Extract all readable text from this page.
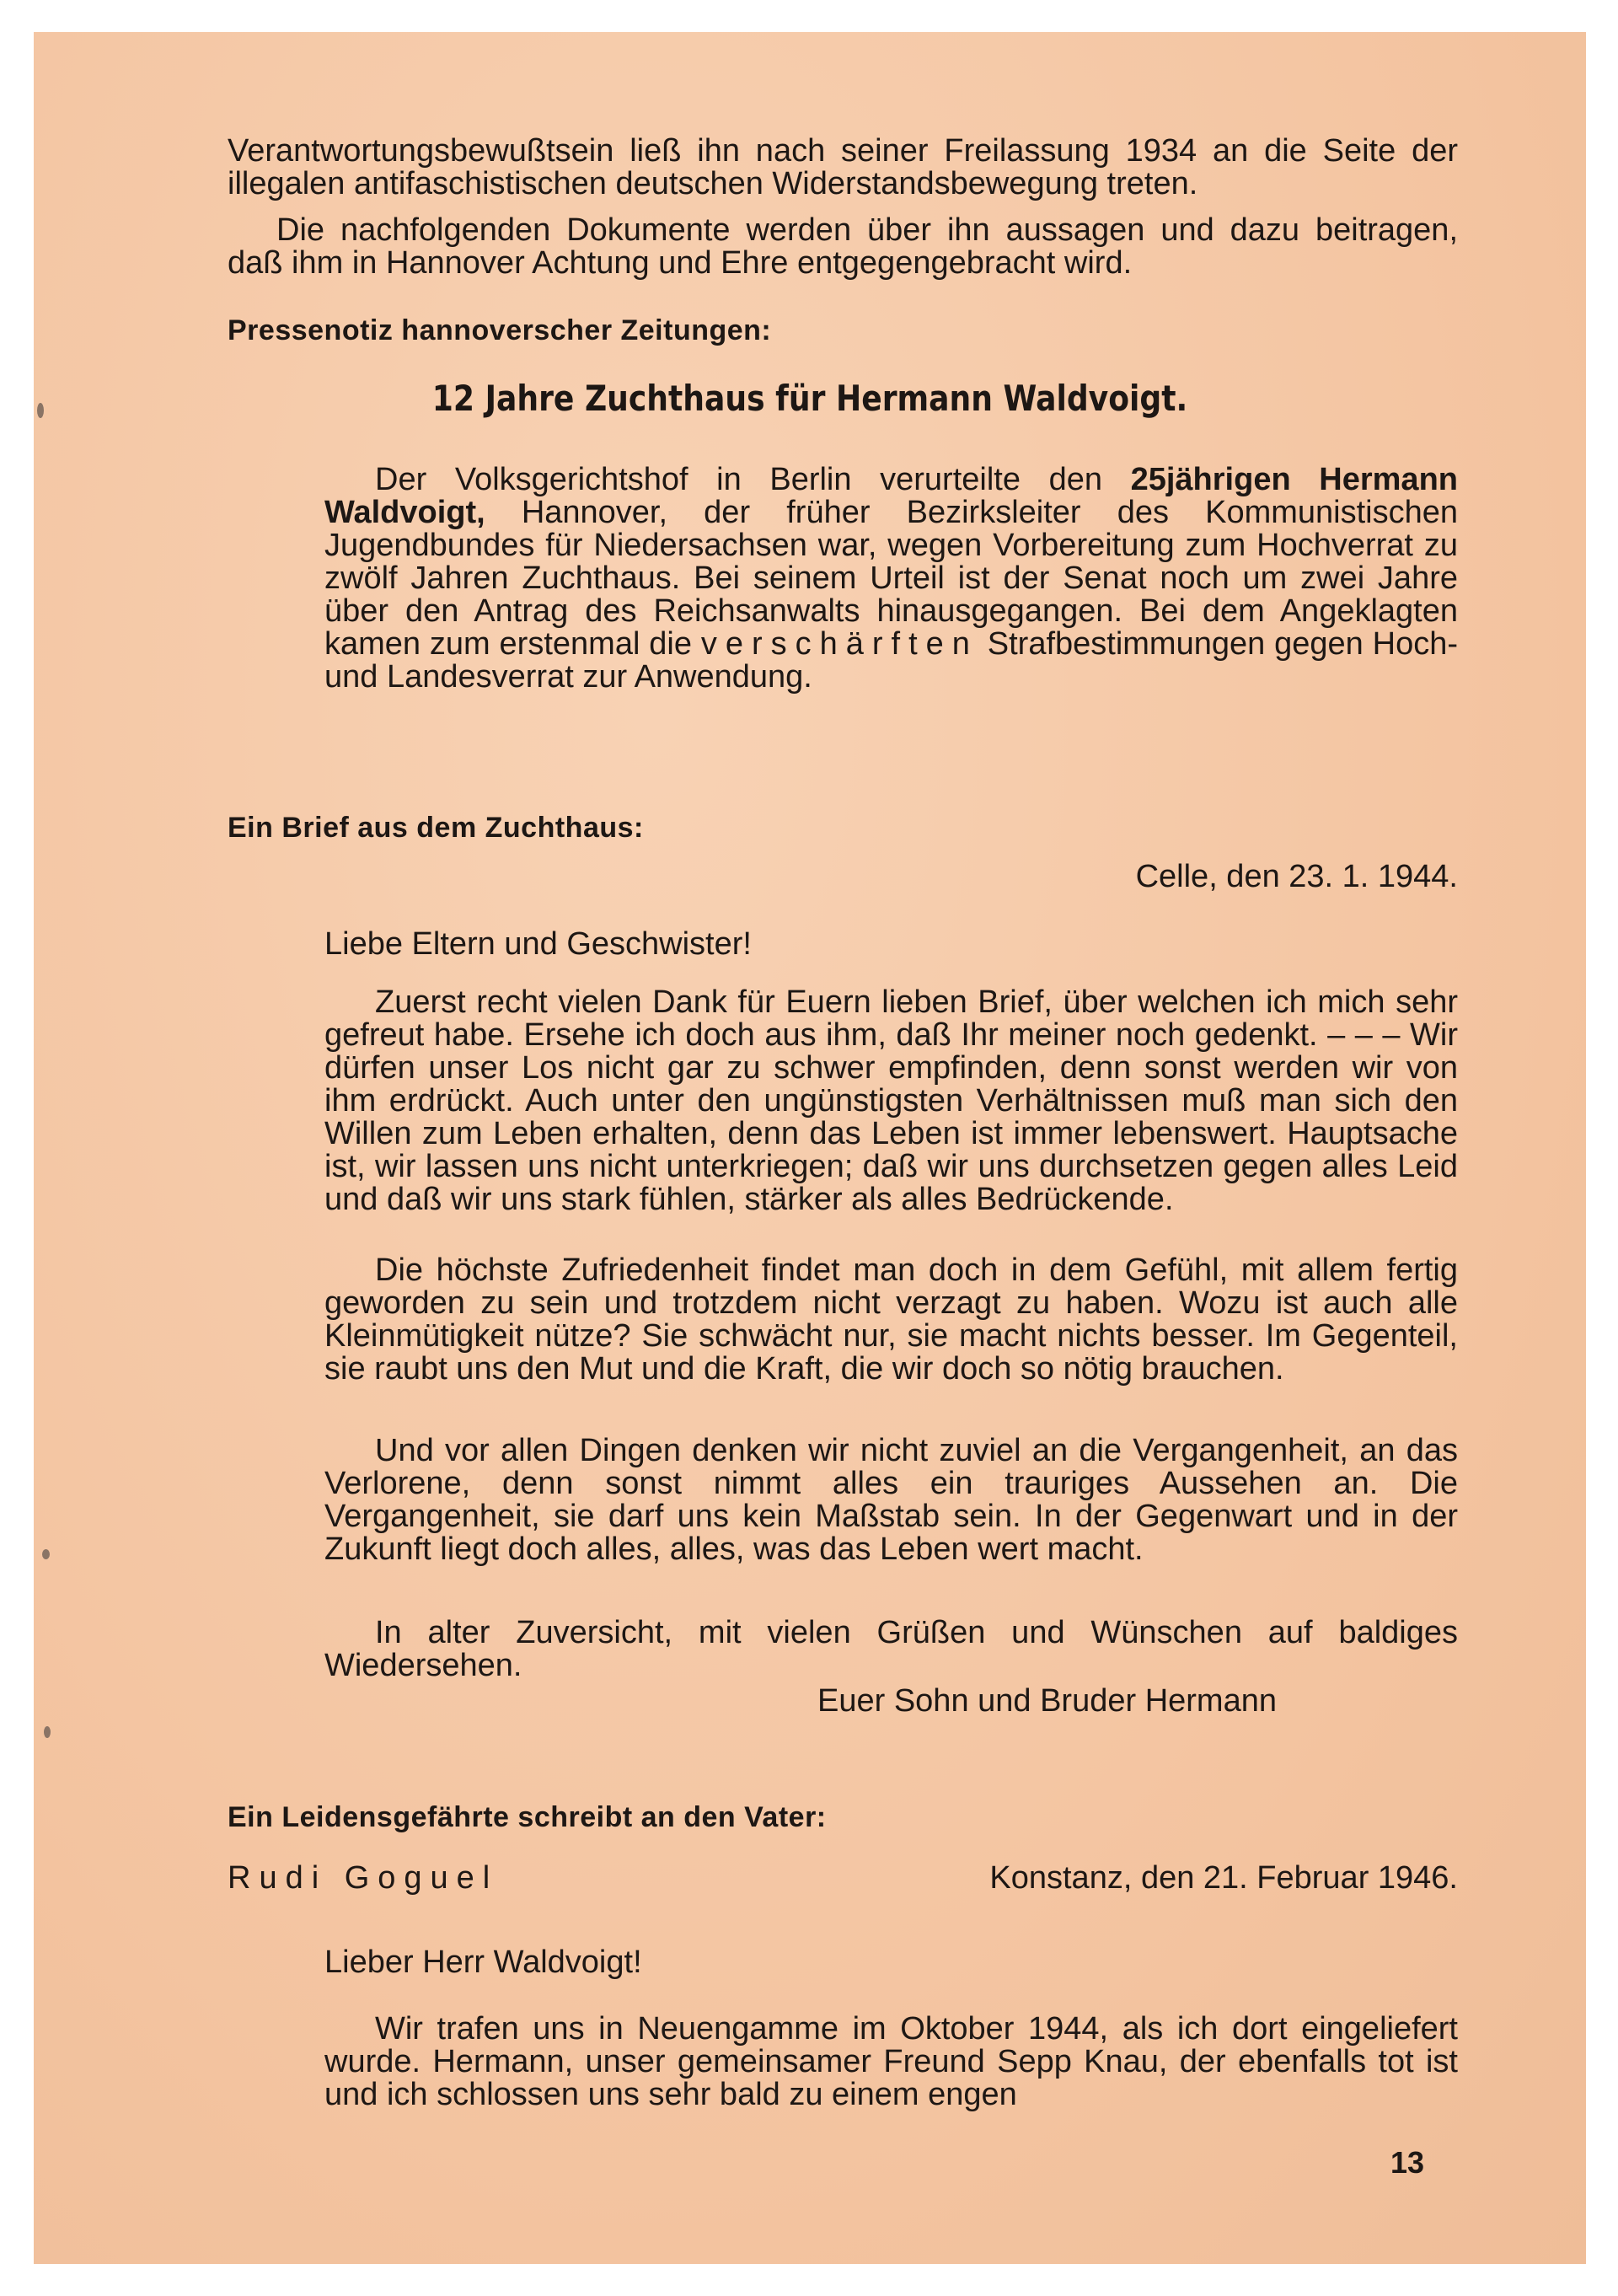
Verantwortungsbewußtsein ließ ihn nach seiner Freilassung 1934 an die Seite der illegalen antifaschistischen deutschen Widerstandsbewegung treten.

Die nachfolgenden Dokumente werden über ihn aussagen und dazu beitragen, daß ihm in Hannover Achtung und Ehre entgegengebracht wird.

Pressenotiz hannoverscher Zeitungen:
12 Jahre Zuchthaus für Hermann Waldvoigt.

Der Volksgerichtshof in Berlin verurteilte den 25jährigen Hermann Waldvoigt, Hannover, der früher Bezirksleiter des Kommunistischen Jugendbundes für Niedersachsen war, wegen Vorbereitung zum Hochverrat zu zwölf Jahren Zuchthaus. Bei seinem Urteil ist der Senat noch um zwei Jahre über den Antrag des Reichsanwalts hinausgegangen. Bei dem Angeklagten kamen zum erstenmal die verschärften Strafbestimmungen gegen Hoch- und Landesverrat zur Anwendung.

Ein Brief aus dem Zuchthaus:
Celle, den 23. 1. 1944.
Liebe Eltern und Geschwister!

Zuerst recht vielen Dank für Euern lieben Brief, über welchen ich mich sehr gefreut habe. Ersehe ich doch aus ihm, daß Ihr meiner noch gedenkt. – – – Wir dürfen unser Los nicht gar zu schwer empfinden, denn sonst werden wir von ihm erdrückt. Auch unter den ungünstigsten Verhältnissen muß man sich den Willen zum Leben erhalten, denn das Leben ist immer lebenswert. Hauptsache ist, wir lassen uns nicht unterkriegen; daß wir uns durchsetzen gegen alles Leid und daß wir uns stark fühlen, stärker als alles Bedrückende.

Die höchste Zufriedenheit findet man doch in dem Gefühl, mit allem fertig geworden zu sein und trotzdem nicht verzagt zu haben. Wozu ist auch alle Kleinmütigkeit nütze? Sie schwächt nur, sie macht nichts besser. Im Gegenteil, sie raubt uns den Mut und die Kraft, die wir doch so nötig brauchen.

Und vor allen Dingen denken wir nicht zuviel an die Vergangenheit, an das Verlorene, denn sonst nimmt alles ein trauriges Aussehen an. Die Vergangenheit, sie darf uns kein Maßstab sein. In der Gegenwart und in der Zukunft liegt doch alles, alles, was das Leben wert macht.

In alter Zuversicht, mit vielen Grüßen und Wünschen auf baldiges Wiedersehen.

Euer Sohn und Bruder Hermann
Ein Leidensgefährte schreibt an den Vater:
Rudi Goguel	Konstanz, den 21. Februar 1946.
Lieber Herr Waldvoigt!

Wir trafen uns in Neuengamme im Oktober 1944, als ich dort eingeliefert wurde. Hermann, unser gemeinsamer Freund Sepp Knau, der ebenfalls tot ist und ich schlossen uns sehr bald zu einem engen

13
